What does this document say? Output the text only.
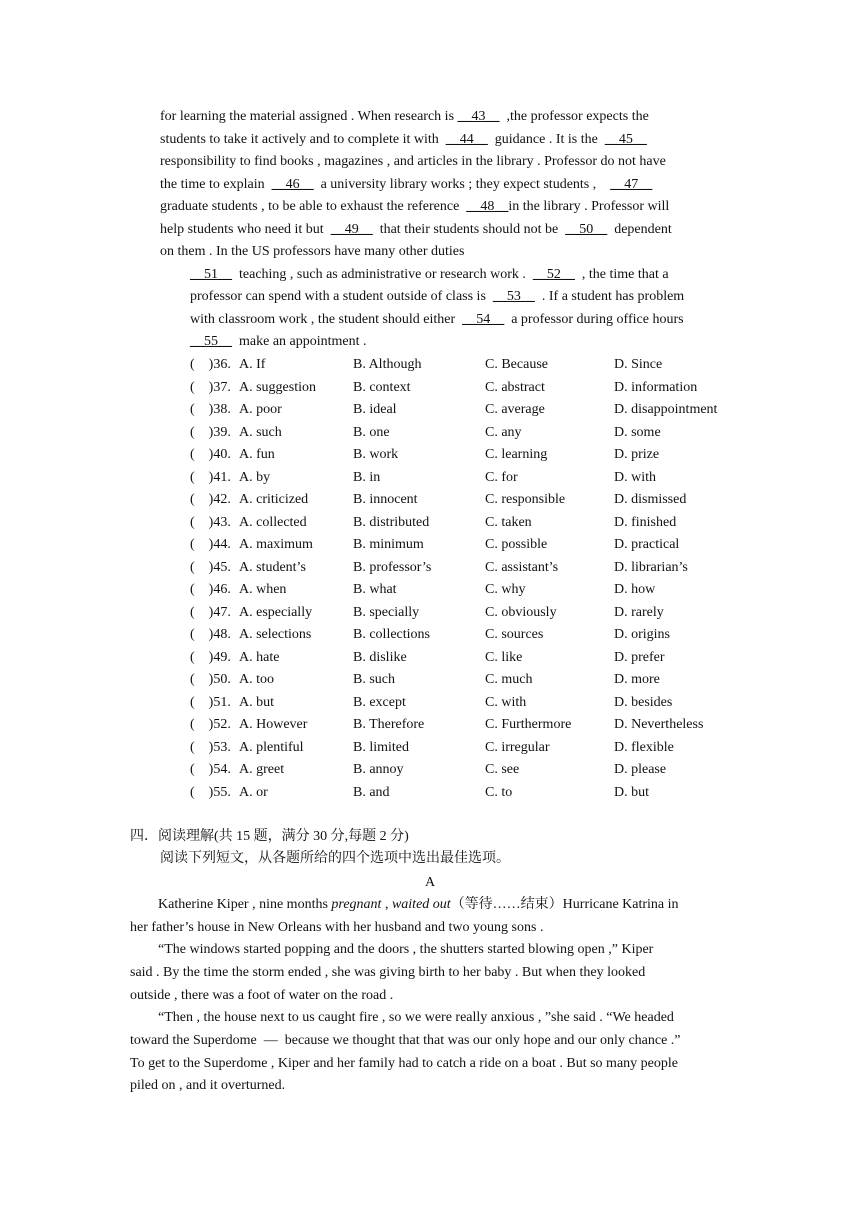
for learning the material assigned . When research is __43__  ,the professor expects the
students to take it actively and to complete it with  __44__  guidance . It is the  __45__
responsibility to find books , magazines , and articles in the library . Professor do not have
the time to explain  __46__  a university library works ; they expect students ,    __47__
graduate students , to be able to exhaust the reference  __48__in the library . Professor will
help students who need it but  __49__  that their students should not be  __50__  dependent
on them . In the US professors have many other duties
__51__  teaching , such as administrative or research work .  __52__  , the time that a
professor can spend with a student outside of class is  __53__  . If a student has problem
with classroom work , the student should either  __54__  a professor during office hours
__55__  make an appointment .
(    )36. A. If	B. Although	C. Because	D. Since
(    )37. A. suggestion	B. context	C. abstract	D. information
(    )38. A. poor	B. ideal	C. average	D. disappointment
(    )39. A. such	B. one	C. any	D. some
(    )40. A. fun	B. work	C. learning	D. prize
(    )41. A. by	B. in	C. for	D. with
(    )42. A. criticized	B. innocent	C. responsible	D. dismissed
(    )43. A. collected	B. distributed	C. taken	D. finished
(    )44. A. maximum	B. minimum	C. possible	D. practical
(    )45. A. student’s	B. professor’s	C. assistant’s	D. librarian’s
(    )46. A. when	B. what	C. why	D. how
(    )47. A. especially	B. specially	C. obviously	D. rarely
(    )48. A. selections	B. collections	C. sources	D. origins
(    )49. A. hate	B. dislike	C. like	D. prefer
(    )50. A. too	B. such	C. much	D. more
(    )51. A. but	B. except	C. with	D. besides
(    )52. A. However	B. Therefore	C. Furthermore	D. Nevertheless
(    )53. A. plentiful	B. limited	C. irregular	D. flexible
(    )54. A. greet	B. annoy	C. see	D. please
(    )55. A. or	B. and	C. to	D. but
四．阅读理解(共 15 题，满分 30 分,每题 2 分)
阅读下列短文，从各题所给的四个选项中选出最佳选项。
A
Katherine Kiper , nine months pregnant , waited out（等待……结束）Hurricane Katrina in
her father’s house in New Orleans with her husband and two young sons .
“The windows started popping and the doors , the shutters started blowing open ,” Kiper
said . By the time the storm ended , she was giving birth to her baby . But when they looked
outside , there was a foot of water on the road .
“Then , the house next to us caught fire , so we were really anxious , ”she said . “We headed
toward the Superdome  —  because we thought that that was our only hope and our only chance .”
To get to the Superdome , Kiper and her family had to catch a ride on a boat . But so many people
piled on , and it overturned.
